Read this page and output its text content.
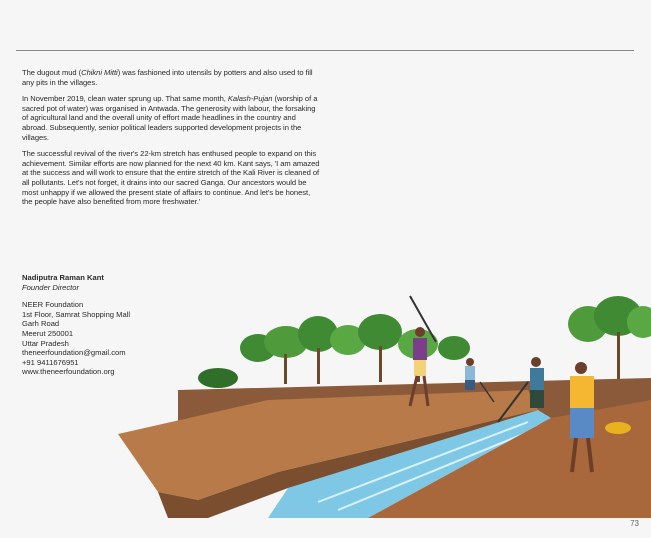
The dugout mud (Chikni Mitti) was fashioned into utensils by potters and also used to fill any pits in the villages.

In November 2019, clean water sprung up. That same month, Kalash-Pujan (worship of a sacred pot of water) was organised in Antwada. The generosity with labour, the forsaking of agricultural land and the overall unity of effort made headlines in the country and abroad. Subsequently, senior political leaders supported development projects in the villages.

The successful revival of the river's 22-km stretch has enthused people to expand on this achievement. Similar efforts are now planned for the next 40 km. Kant says, 'I am amazed at the success and will work to ensure that the entire stretch of the Kali River is cleaned of all pollutants. Let's not forget, it drains into our sacred Ganga. Our ancestors would be most unhappy if we allowed the present state of affairs to continue. And let's be honest, the people have also benefited from more freshwater.'

Nadiputra Raman Kant
Founder Director
NEER Foundation
1st Floor, Samrat Shopping Mall
Garh Road
Meerut 250001
Uttar Pradesh
theneerfoundation@gmail.com
+91 9411676951
www.theneerfoundation.org
73
